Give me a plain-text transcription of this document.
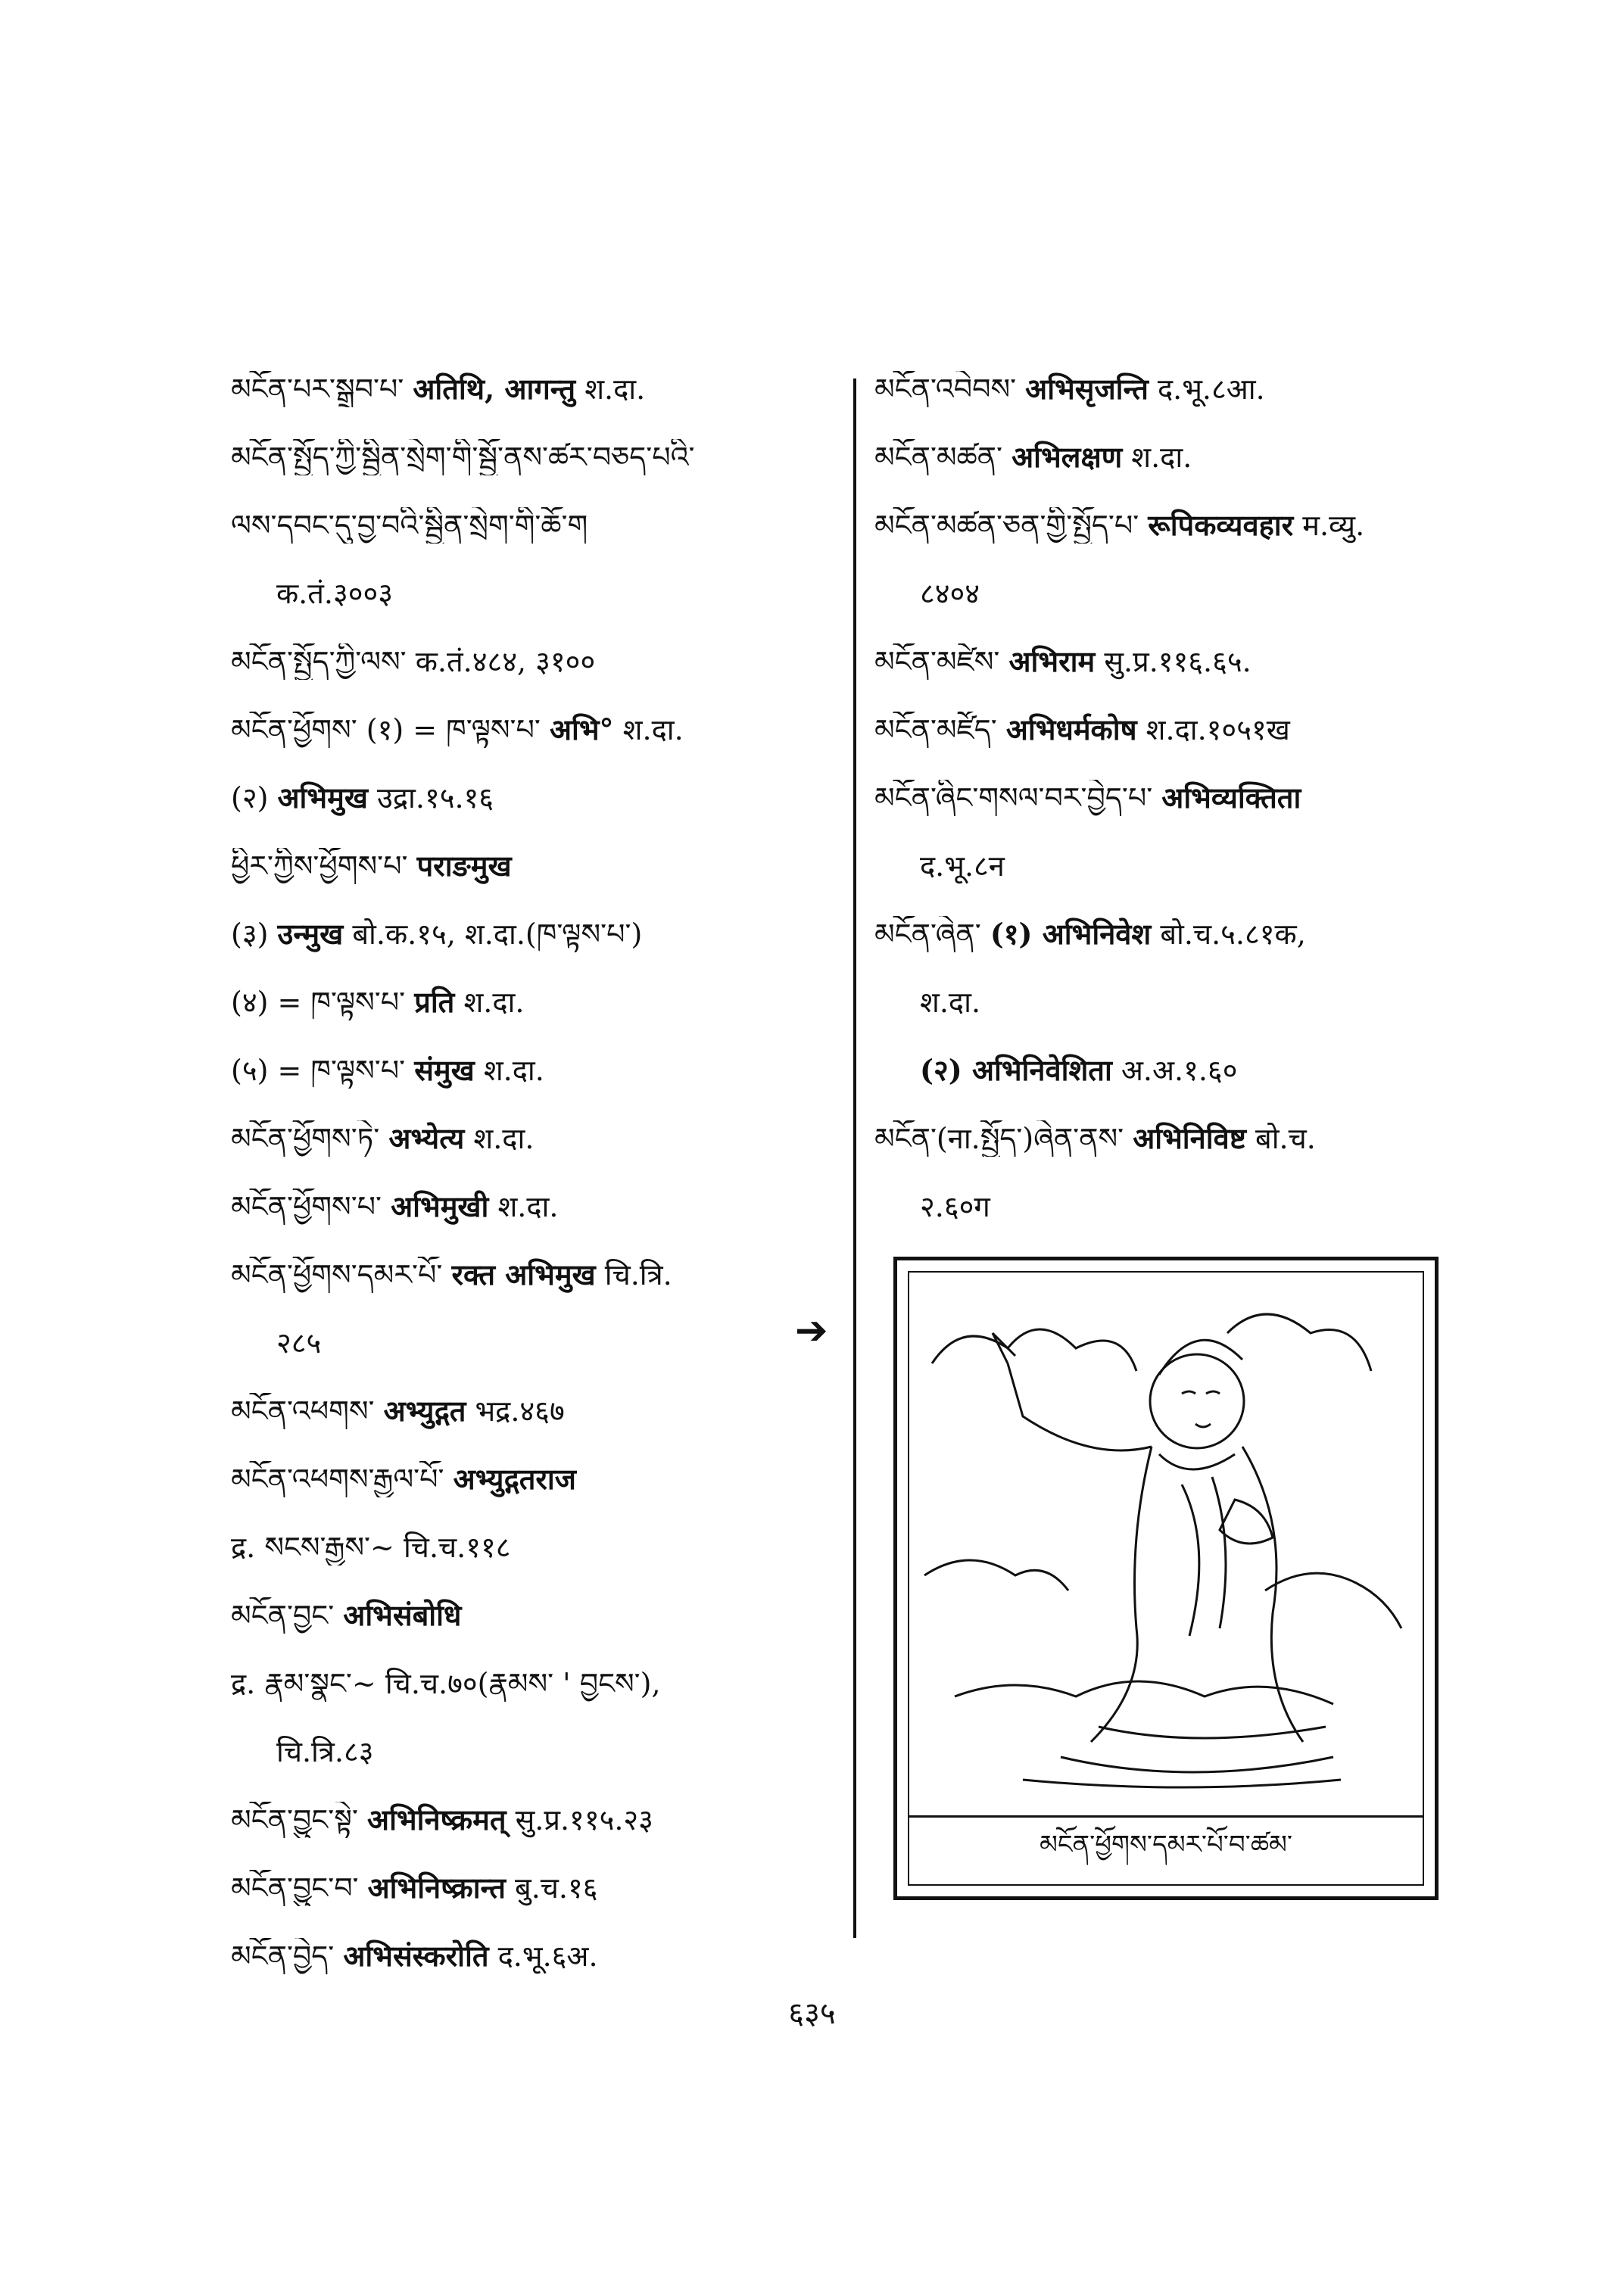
མངོན་པར་སྒྲུབ་པ་ अतिथि, आगन्तु श.दा.
མངོན་སྤྱོད་ཀྱི་སྦྱིན་སྲེག་གི་སྦྱོ་ནས་ཚར་བཅད་པའི་
ལས་དབང་དུ་བྱ་བའི་སྦྱིན་སྲེག་གི་ཆོ་ག
क.तं.३००३
མངོན་སྤྱོད་ཀྱི་ལས་ क.तं.४८४, ३१००
མངོན་ཕྱོགས་ (१) = ཁ་ལྟས་པ་ अभि° श.दा.
(२) अभिमुख उद्रा.१५.१६
ཕྱིར་ཀྱིས་ཕྱོགས་པ་ पराङमुख
(३) उन्मुख बो.क.१५, श.दा.(ཁ་ལྟས་པ་)
(४) = ཁ་ལྟས་པ་ प्रति श.दा.
(५) = ཁ་ལྟས་པ་ संमुख श.दा.
མངོན་ཕྱོགས་ཏེ་ अभ्येत्य श.दा.
མངོན་ཕྱོགས་པ་ अभिमुखी श.दा.
མངོན་ཕྱོགས་དམར་པོ་ रक्त अभिमुख चि.त्रि.
२८५
མངོན་འཕགས་ अभ्युद्गत भद्र.४६७
མངོན་འཕགས་རྒྱལ་པོ་ अभ्युद्गतराज
द्र. སངས་རྒྱས་~ चि.च.११८
མངོན་བྱང་ अभिसंबोधि
द्र. རྣམ་སྣང་~ चि.च.७०(རྣམས་ ' བྱངས་),
चि.त्रि.८३
མངོན་བྱུང་སྟེ་ अभिनिष्क्रमत् सु.प्र.११५.२३
མངོན་བྱུང་བ་ अभिनिष्क्रान्त बु.च.१६
མངོན་བྱེད་ अभिसंस्करोति द.भू.६अ.
མངོན་འབེབས་ अभिसृजन्ति द.भू.८आ.
མངོན་མཚན་ अभिलक्षण श.दा.
མངོན་མཚན་ཅན་གྱི་སྤྱོད་པ་ रूपिकव्यवहार म.व्यु.
८४०४
མངོན་མཛེས་ अभिराम सु.प्र.११६.६५.
མངོན་མཛོད་ अभिधर्मकोष श.दा.१०५१ख
མངོན་ཞིང་གསལ་བར་བྱེད་པ་ अभिव्यक्तिता
द.भू.८न
མངོན་ཞེན་ (१) अभिनिवेश बो.च.५.८१क,
श.दा.
(२) अभिनिवेशिता अ.अ.१.६०
མངོན་(ना.སྤྱོད་)ཞེན་ནས་ अभिनिविष्ट बो.च.
२.६०ग
➔
མངོན་ཕྱོགས་དམར་པོ་བ་ཚམ་
६३५
